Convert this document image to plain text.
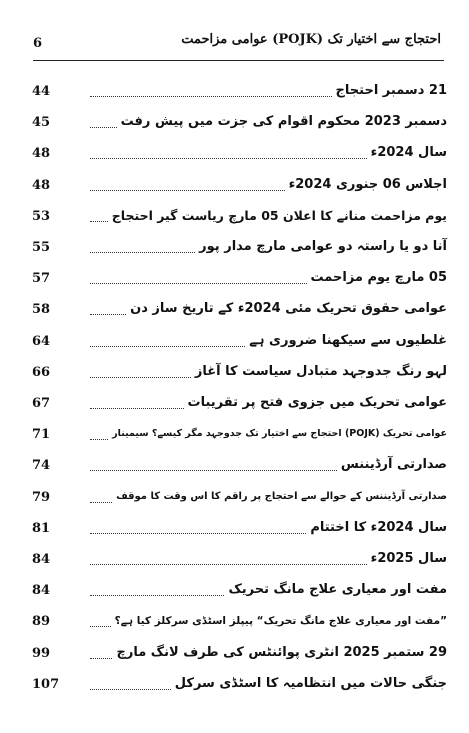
6	احتجاج سے اختیار تک (POJK) عوامی مزاحمت
21 دسمبر احتجاج
44
دسمبر 2023 محکوم اقوام کی جزت میں پیش رفت
45
سال 2024ء
48
اجلاس 06 جنوری 2024ء
48
یوم مزاحمت منانے کا اعلان 05 مارچ ریاست گیر احتجاج
53
آنا دو یا راستہ دو عوامی مارچ مدار پور
55
05 مارچ یوم مزاحمت
57
عوامی حقوق تحریک مئی 2024ء کے تاریخ ساز دن
58
غلطیوں سے سیکھنا ضروری ہے
64
لہو رنگ جدوجہد متبادل سیاست کا آغاز
66
عوامی تحریک میں جزوی فتح پر تقریبات
67
عوامی تحریک (POJK) احتجاج سے اختیار تک جدوجہد مگر کیسے؟ سیمینار
71
صدارتی آرڈیننس
74
صدارتی آرڈیننس کے حوالے سے احتجاج پر راقم کا اس وقت کا موقف
79
سال 2024ء کا اختتام
81
سال 2025ء
84
مفت اور معیاری علاج مانگ تحریک
84
”مفت اور معیاری علاج مانگ تحریک“ پیپلز اسٹڈی سرکلز کیا ہے؟
89
29 ستمبر 2025 انٹری پوائنٹس کی طرف لانگ مارچ
99
جنگی حالات میں انتظامیہ کا اسٹڈی سرکل
107
